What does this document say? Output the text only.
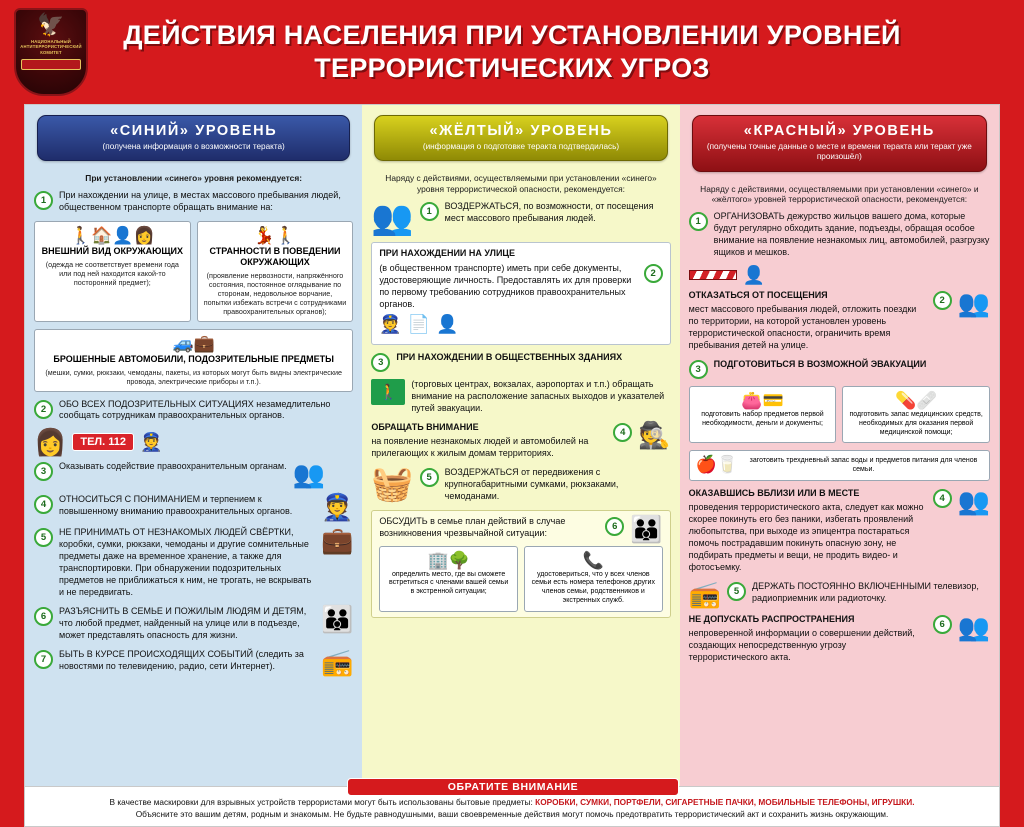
🦅
НАЦИОНАЛЬНЫЙ АНТИТЕРРОРИСТИЧЕСКИЙ КОМИТЕТ
ДЕЙСТВИЯ НАСЕЛЕНИЯ ПРИ УСТАНОВЛЕНИИ УРОВНЕЙ
ТЕРРОРИСТИЧЕСКИХ УГРОЗ
«СИНИЙ» УРОВЕНЬ
(получена информация о возможности теракта)
При установлении «синего» уровня рекомендуется:
1	При нахождении на улице, в местах массового пребывания людей, общественном транспорте обращать внимание на:
🚶🏠👤👩
ВНЕШНИЙ ВИД ОКРУЖАЮЩИХ
(одежда не соответствует времени года или под ней находится какой-то посторонний предмет);
💃🚶
СТРАННОСТИ В ПОВЕДЕНИИ ОКРУЖАЮЩИХ
(проявление нервозности, напряжённого состояния, постоянное оглядывание по сторонам, недовольное ворчание, попытки избежать встречи с сотрудниками правоохранительных органов);
🚙💼
БРОШЕННЫЕ АВТОМОБИЛИ, ПОДОЗРИТЕЛЬНЫЕ ПРЕДМЕТЫ
(мешки, сумки, рюкзаки, чемоданы, пакеты, из которых могут быть видны электрические провода, электрические приборы и т.п.).
2	ОБО ВСЕХ ПОДОЗРИТЕЛЬНЫХ СИТУАЦИЯХ незамедлительно сообщать сотрудникам правоохранительных органов.
👩	ТЕЛ. 112 👮
3	Оказывать содействие правоохранительным органам. 👥
4	ОТНОСИТЬСЯ С ПОНИМАНИЕМ и терпением к повышенному вниманию правоохранительных органов.	👮
5	НЕ ПРИНИМАТЬ ОТ НЕЗНАКОМЫХ ЛЮДЕЙ СВЁРТКИ, коробки, сумки, рюкзаки, чемоданы и другие сомнительные предметы даже на временное хранение, а также для транспортировки. При обнаружении подозрительных предметов не приближаться к ним, не трогать, не вскрывать и не передвигать.
💼
6	РАЗЪЯСНИТЬ В СЕМЬЕ И ПОЖИЛЫМ ЛЮДЯМ И ДЕТЯМ, что любой предмет, найденный на улице или в подъезде, может представлять опасность для жизни.
👪
7	БЫТЬ В КУРСЕ ПРОИСХОДЯЩИХ СОБЫТИЙ (следить за новостями по телевидению, радио, сети Интернет).	📻
«ЖЁЛТЫЙ» УРОВЕНЬ
(информация о подготовке теракта подтвердилась)
Наряду с действиями, осуществляемыми при установлении «синего» уровня террористической опасности, рекомендуется:
👥	1	ВОЗДЕРЖАТЬСЯ, по возможности, от посещения мест массового пребывания людей.
ПРИ НАХОЖДЕНИИ НА УЛИЦЕ
(в общественном транспорте) иметь при себе документы, удостоверяющие личность. Предоставлять их для проверки по первому требованию сотрудников правоохранительных органов.
2
👮 📄 👤
3	ПРИ НАХОЖДЕНИИ В ОБЩЕСТВЕННЫХ ЗДАНИЯХ
🚶	(торговых центрах, вокзалах, аэропортах и т.п.) обращать внимание на расположение запасных выходов и указателей путей эвакуации.
ОБРАЩАТЬ ВНИМАНИЕ
на появление незнакомых людей и автомобилей на прилегающих к жилым домам территориях.
4 🕵
🧺	5	ВОЗДЕРЖАТЬСЯ от передвижения с крупногабаритными сумками, рюкзаками, чемоданами.
ОБСУДИТЬ в семье план действий в случае возникновения чрезвычайной ситуации:
6 👪
🏢🌳
определить место, где вы сможете встретиться с членами вашей семьи в экстренной ситуации;
📞
удостовериться, что у всех членов семьи есть номера телефонов других членов семьи, родственников и экстренных служб.
«КРАСНЫЙ» УРОВЕНЬ
(получены точные данные о месте и времени теракта или теракт уже произошёл)
Наряду с действиями, осуществляемыми при установлении «синего» и «жёлтого» уровней террористической опасности, рекомендуется:
1	ОРГАНИЗОВАТЬ дежурство жильцов вашего дома, которые будут регулярно обходить здание, подъезды, обращая особое внимание на появление незнакомых лиц, автомобилей, разгрузку ящиков и мешков.
👤
ОТКАЗАТЬСЯ ОТ ПОСЕЩЕНИЯ
мест массового пребывания людей, отложить поездки по территории, на которой установлен уровень террористической опасности, ограничить время пребывания детей на улице.
2 👥
3	ПОДГОТОВИТЬСЯ В ВОЗМОЖНОЙ ЭВАКУАЦИИ
👛💳
подготовить набор предметов первой необходимости, деньги и документы;
💊🩹
подготовить запас медицинских средств, необходимых для оказания первой медицинской помощи;
🍎🥛	заготовить трехдневный запас воды и предметов питания для членов семьи.
ОКАЗАВШИСЬ ВБЛИЗИ ИЛИ В МЕСТЕ
проведения террористического акта, следует как можно скорее покинуть его без паники, избегать проявлений любопытства, при выходе из эпицентра постараться помочь пострадавшим покинуть опасную зону, не подбирать предметы и вещи, не продить видео- и фотосъемку.
4 👥
📻	5	ДЕРЖАТЬ ПОСТОЯННО ВКЛЮЧЕННЫМИ телевизор, радиоприемник или радиоточку.
НЕ ДОПУСКАТЬ РАСПРОСТРАНЕНИЯ
непроверенной информации о совершении действий, создающих непосредственную угрозу террористического акта.
6 👥
ОБРАТИТЕ ВНИМАНИЕ
В качестве маскировки для взрывных устройств террористами могут быть использованы бытовые предметы: КОРОБКИ, СУМКИ, ПОРТФЕЛИ, СИГАРЕТНЫЕ ПАЧКИ, МОБИЛЬНЫЕ ТЕЛЕФОНЫ, ИГРУШКИ.
Объясните это вашим детям, родным и знакомым. Не будьте равнодушными, ваши своевременные действия могут помочь предотвратить террористический акт и сохранить жизнь окружающим.
